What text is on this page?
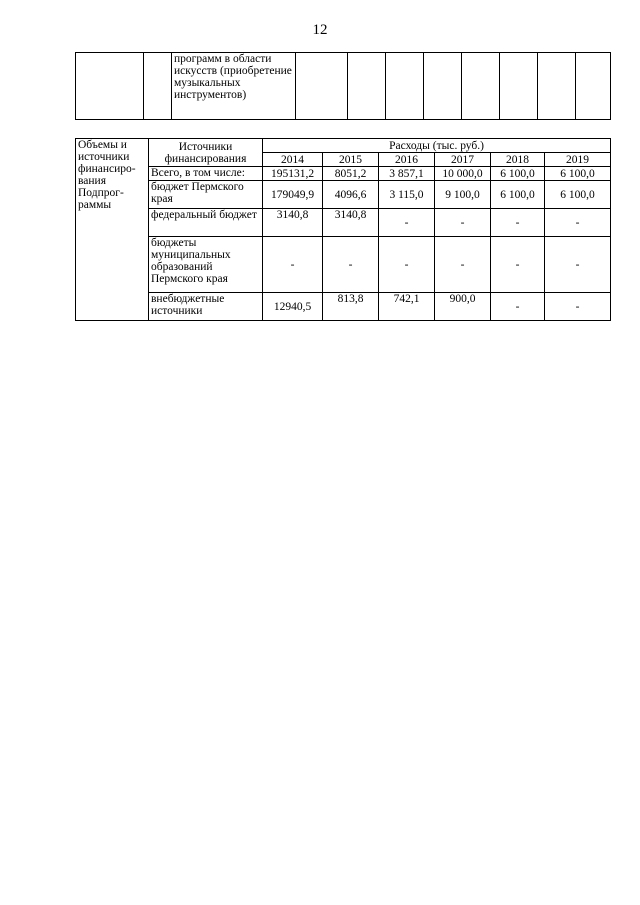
12
		программ в области искусств (приобретение музыкальных инструментов)								
Объемы и источники финансиро-вания Подпрог-раммы	Источники финансирования	Расходы (тыс. руб.)					
		2014	2015	2016	2017	2018	2019
	Всего, в том числе:	195131,2	8051,2	3 857,1	10 000,0	6 100,0	6 100,0
	бюджет Пермского края	179049,9	4096,6	3 115,0	9 100,0	6 100,0	6 100,0
	федеральный бюджет	3140,8	3140,8	-	-	-	-
	бюджеты муниципальных образований Пермского края	-	-	-	-	-	-
	внебюджетные источники	12940,5	813,8	742,1	900,0	-	-
